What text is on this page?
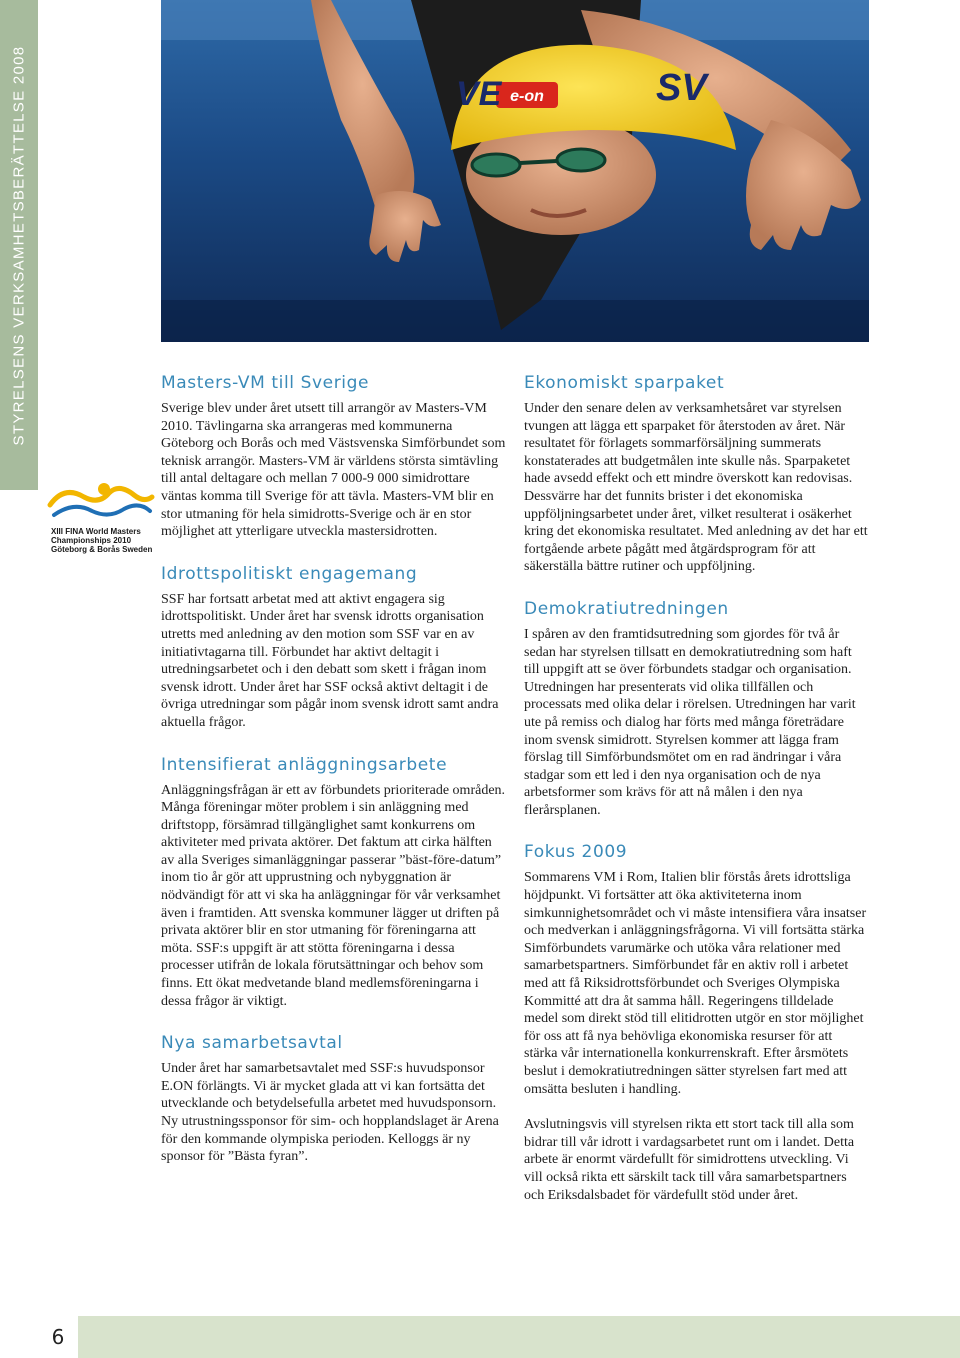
STYRELSENS VERKSAMHETSBERÄTTELSE 2008	e-on
VE	SV
XIII FINA World Masters
Championships 2010
Göteborg & Borås Sweden
Masters-VM till Sverige

Sverige blev under året utsett till arrangör av Masters-VM 2010. Tävlingarna ska arrangeras med kommunerna Göteborg och Borås och med Västsvenska Simförbundet som teknisk arrangör. Masters-VM är världens största simtävling till antal deltagare och mellan 7 000-9 000 simidrottare väntas komma till Sverige för att tävla. Masters-VM blir en stor utmaning för hela simidrotts-Sverige och är en stor möjlighet att ytterligare utveckla mastersidrotten.

Idrottspolitiskt engagemang

SSF har fortsatt arbetat med att aktivt engagera sig idrottspolitiskt. Under året har svensk idrotts organisation utretts med anledning av den motion som SSF var en av initiativtagarna till. Förbundet har aktivt deltagit i utredningsarbetet och i den debatt som skett i frågan inom svensk idrott. Under året har SSF också aktivt deltagit i de övriga utredningar som pågår inom svensk idrott samt andra aktuella frågor.

Intensifierat anläggningsarbete

Anläggningsfrågan är ett av förbundets prioriterade områden. Många föreningar möter problem i sin anläggning med driftstopp, försämrad tillgänglighet samt konkurrens om aktiviteter med privata aktörer. Det faktum att cirka hälften av alla Sveriges simanläggningar passerar ”bäst-före-datum” inom tio år gör att upprustning och nybyggnation är nödvändigt för att vi ska ha anläggningar för vår verksamhet även i framtiden. Att svenska kommuner lägger ut driften på privata aktörer blir en stor utmaning för föreningarna att möta. SSF:s uppgift är att stötta föreningarna i dessa processer utifrån de lokala förutsättningar och behov som finns. Ett ökat medvetande bland medlemsföreningarna i dessa frågor är viktigt.

Nya samarbetsavtal

Under året har samarbetsavtalet med SSF:s huvudsponsor E.ON förlängts. Vi är mycket glada att vi kan fortsätta det utvecklande och betydelsefulla arbetet med huvudsponsorn. Ny utrustningssponsor för sim- och hopplandslaget är Arena för den kommande olympiska perioden. Kelloggs är ny sponsor för ”Bästa fyran”.

Ekonomiskt sparpaket

Under den senare delen av verksamhetsåret var styrelsen tvungen att lägga ett sparpaket för återstoden av året. När resultatet för förlagets sommarförsäljning summerats konstaterades att budgetmålen inte skulle nås. Sparpaketet hade avsedd effekt och ett mindre överskott kan redovisas. Dessvärre har det funnits brister i det ekonomiska uppföljningsarbetet under året, vilket resulterat i osäkerhet kring det ekonomiska resultatet. Med anledning av det har ett fortgående arbete pågått med åtgärdsprogram för att säkerställa bättre rutiner och uppföljning.

Demokratiutredningen

I spåren av den framtidsutredning som gjordes för två år sedan har styrelsen tillsatt en demokratiutredning som haft till uppgift att se över förbundets stadgar och organisation. Utredningen har presenterats vid olika tillfällen och processats med olika delar i rörelsen. Utredningen har varit ute på remiss och dialog har förts med många företrädare inom svensk simidrott. Styrelsen kommer att lägga fram förslag till Simförbundsmötet om en rad ändringar i våra stadgar som ett led i den nya organisation och de nya arbetsformer som krävs för att nå målen i den nya flerårsplanen.

Fokus 2009

Sommarens VM i Rom, Italien blir förstås årets idrottsliga höjdpunkt. Vi fortsätter att öka aktiviteterna inom simkunnighetsområdet och vi måste intensifiera våra insatser och medverkan i anläggningsfrågorna. Vi vill fortsätta stärka Simförbundets varumärke och utöka våra relationer med samarbetspartners. Simförbundet får en aktiv roll i arbetet med att få Riksidrottsförbundet och Sveriges Olympiska Kommitté att dra åt samma håll. Regeringens tilldelade medel som direkt stöd till elitidrotten utgör en stor möjlighet för oss att få nya behövliga ekonomiska resurser för att stärka vår internationella konkurrenskraft. Efter årsmötets beslut i demokratiutredningen sätter styrelsen fart med att omsätta besluten i handling.

Avslutningsvis vill styrelsen rikta ett stort tack till alla som bidrar till vår idrott i vardagsarbetet runt om i landet. Detta arbete är enormt värdefullt för simidrottens utveckling. Vi vill också rikta ett särskilt tack till våra samarbetspartners och Eriksdalsbadet för värdefullt stöd under året.

6
